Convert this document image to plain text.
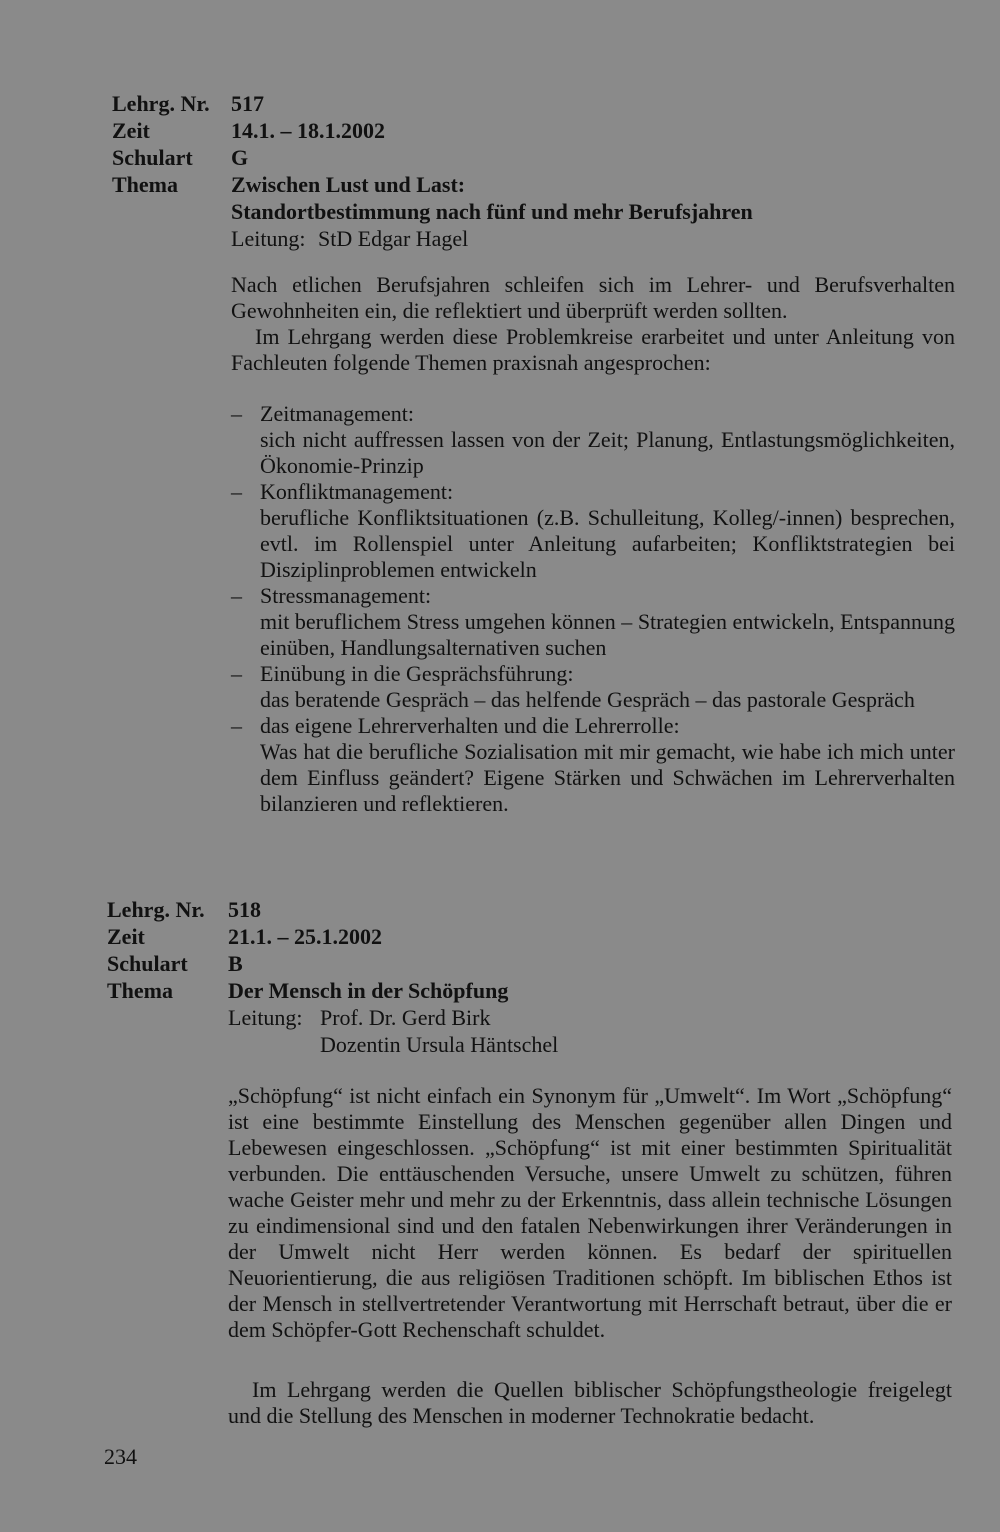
Lehrg. Nr. 517
Zeit	14.1. – 18.1.2002
Schulart G
Thema Zwischen Lust und Last:
Standortbestimmung nach fünf und mehr Berufsjahren
Leitung: StD Edgar Hagel

Nach etlichen Berufsjahren schleifen sich im Lehrer- und Berufsverhalten Gewohnheiten ein, die reflektiert und überprüft werden sollten.

Im Lehrgang werden diese Problemkreise erarbeitet und unter Anleitung von Fachleuten folgende Themen praxisnah angesprochen:

– Zeitmanagement:
sich nicht auffressen lassen von der Zeit; Planung, Entlastungsmöglichkeiten, Ökonomie-Prinzip
– Konfliktmanagement:
berufliche Konfliktsituationen (z.B. Schulleitung, Kolleg/-innen) besprechen, evtl. im Rollenspiel unter Anleitung aufarbeiten; Konfliktstrategien bei Disziplinproblemen entwickeln
– Stressmanagement:
mit beruflichem Stress umgehen können – Strategien entwickeln, Entspannung einüben, Handlungsalternativen suchen
– Einübung in die Gesprächsführung:
das beratende Gespräch – das helfende Gespräch – das pastorale Gespräch
– das eigene Lehrerverhalten und die Lehrerrolle:
Was hat die berufliche Sozialisation mit mir gemacht, wie habe ich mich unter dem Einfluss geändert? Eigene Stärken und Schwächen im Lehrerverhalten bilanzieren und reflektieren.
Lehrg. Nr. 518
Zeit	21.1. – 25.1.2002
Schulart B
Thema	Der Mensch in der Schöpfung
Leitung: Prof. Dr. Gerd Birk
Dozentin Ursula Häntschel

„Schöpfung“ ist nicht einfach ein Synonym für „Umwelt“. Im Wort „Schöpfung“ ist eine bestimmte Einstellung des Menschen gegenüber allen Dingen und Lebewesen eingeschlossen. „Schöpfung“ ist mit einer bestimmten Spiritualität verbunden. Die enttäuschenden Versuche, unsere Umwelt zu schützen, führen wache Geister mehr und mehr zu der Erkenntnis, dass allein technische Lösungen zu eindimensional sind und den fatalen Nebenwirkungen ihrer Veränderungen in der Umwelt nicht Herr werden können. Es bedarf der spirituellen Neuorientierung, die aus religiösen Traditionen schöpft. Im biblischen Ethos ist der Mensch in stellvertretender Verantwortung mit Herrschaft betraut, über die er dem Schöpfer-Gott Rechenschaft schuldet.

Im Lehrgang werden die Quellen biblischer Schöpfungstheologie freigelegt und die Stellung des Menschen in moderner Technokratie bedacht.

234
